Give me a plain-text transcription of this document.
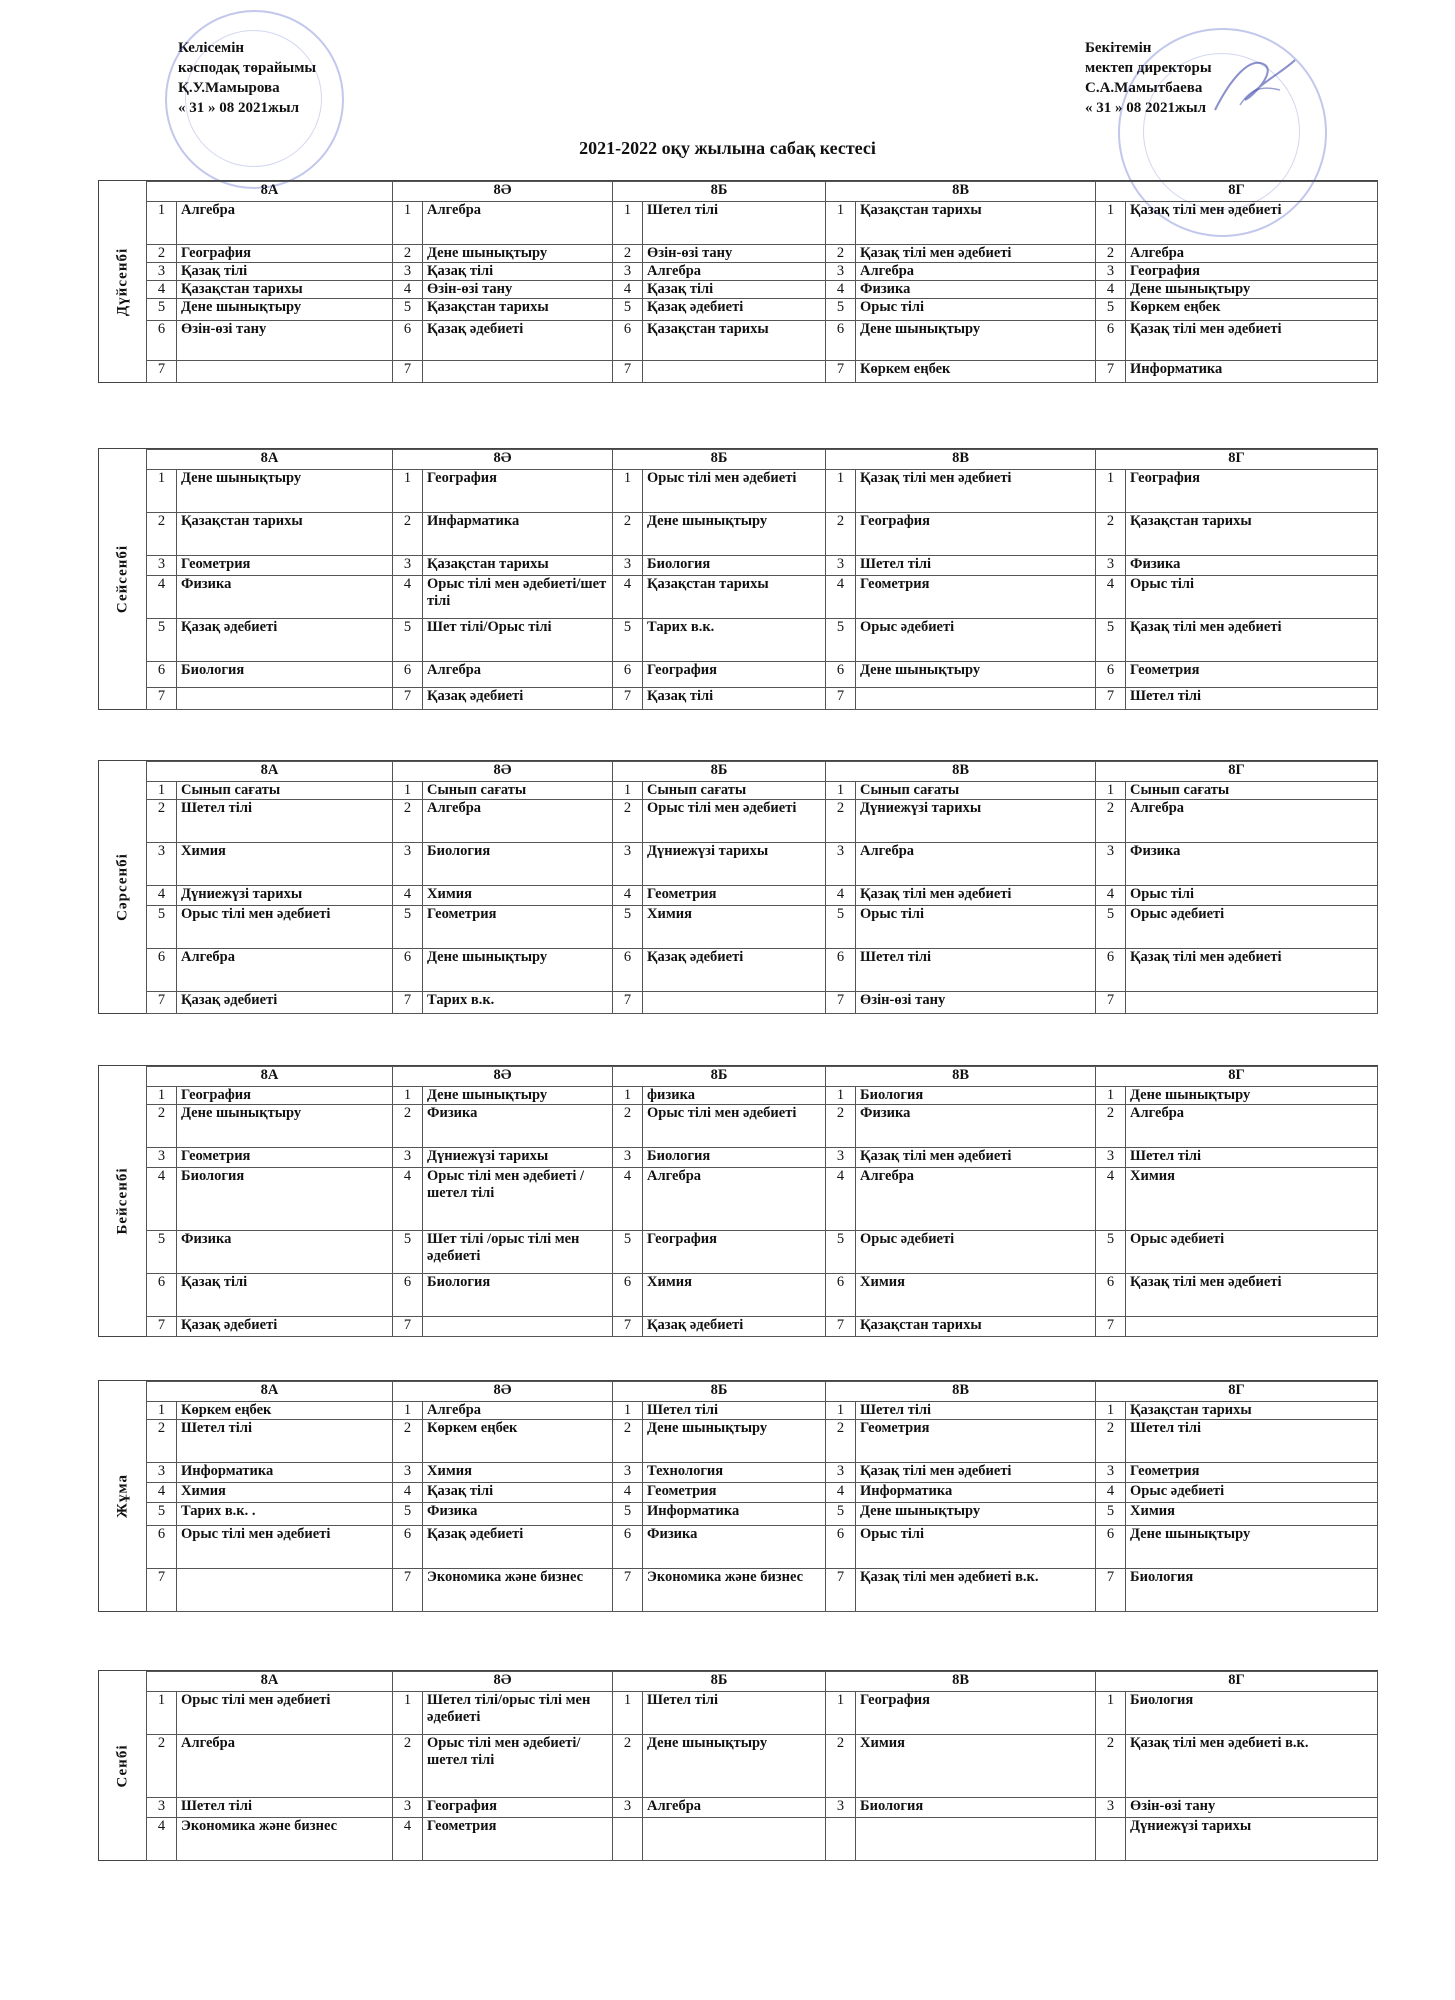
Келісемін
кәсподақ төрайымы
Қ.У.Мамырова
« 31 » 08 2021жыл
Бекітемін
мектеп директоры
С.А.Мамытбаева
« 31 » 08 2021жыл
2021-2022 оқу жылына сабақ кестесі
Дүйсенбі
8А		8Ә		8Б		8В		8Г	
1	Алгебра	1	Алгебра	1	Шетел тілі	1	Қазақстан тарихы	1	Қазақ тілі мен әдебиеті
2	География	2	Дене шынықтыру	2	Өзін-өзі тану	2	Қазақ тілі мен әдебиеті	2	Алгебра
3	Қазақ тілі	3	Қазақ тілі	3	Алгебра	3	Алгебра	3	География
4	Қазақстан тарихы	4	Өзін-өзі тану	4	Қазақ тілі	4	Физика	4	Дене шынықтыру
5	Дене шынықтыру	5	Қазақстан тарихы	5	Қазақ әдебиеті	5	Орыс тілі	5	Көркем еңбек
6	Өзін-өзі тану	6	Қазақ әдебиеті	6	Қазақстан тарихы	6	Дене шынықтыру	6	Қазақ тілі мен әдебиеті
7		7		7		7	Көркем еңбек	7	Информатика
Сейсенбі
8А		8Ә		8Б		8В		8Г	
1	Дене шынықтыру	1	География	1	Орыс тілі мен әдебиеті	1	Қазақ тілі мен әдебиеті	1	География
2	Қазақстан тарихы	2	Инфарматика	2	Дене шынықтыру	2	География	2	Қазақстан тарихы
3	Геометрия	3	Қазақстан тарихы	3	Биология	3	Шетел тілі	3	Физика
4	Физика	4	Орыс тілі мен әдебиеті/шет тілі	4	Қазақстан тарихы	4	Геометрия	4	Орыс тілі
5	Қазақ әдебиеті	5	Шет тілі/Орыс тілі	5	Тарих в.к.	5	Орыс әдебиеті	5	Қазақ тілі мен әдебиеті
6	Биология	6	Алгебра	6	География	6	Дене шынықтыру	6	Геометрия
7		7	Қазақ әдебиеті	7	Қазақ тілі	7		7	Шетел тілі
Сәрсенбі
8А		8Ә		8Б		8В		8Г	
1	Сынып сағаты	1	Сынып сағаты	1	Сынып сағаты	1	Сынып сағаты	1	Сынып сағаты
2	Шетел тілі	2	Алгебра	2	Орыс тілі мен әдебиеті	2	Дүниежүзі тарихы	2	Алгебра
3	Химия	3	Биология	3	Дүниежүзі тарихы	3	Алгебра	3	Физика
4	Дүниежүзі тарихы	4	Химия	4	Геометрия	4	Қазақ тілі мен әдебиеті	4	Орыс тілі
5	Орыс тілі мен әдебиеті	5	Геометрия	5	Химия	5	Орыс тілі	5	Орыс әдебиеті
6	Алгебра	6	Дене шынықтыру	6	Қазақ әдебиеті	6	Шетел тілі	6	Қазақ тілі мен әдебиеті
7	Қазақ әдебиеті	7	Тарих в.к.	7		7	Өзін-өзі тану	7	
Бейсенбі
8А		8Ә		8Б		8В		8Г	
1	География	1	Дене шынықтыру	1	физика	1	Биология	1	Дене шынықтыру
2	Дене шынықтыру	2	Физика	2	Орыс тілі мен әдебиеті	2	Физика	2	Алгебра
3	Геометрия	3	Дүниежүзі тарихы	3	Биология	3	Қазақ тілі мен әдебиеті	3	Шетел тілі
4	Биология	4	Орыс тілі мен әдебиеті /шетел тілі	4	Алгебра	4	Алгебра	4	Химия
5	Физика	5	Шет тілі /орыс тілі мен әдебиеті	5	География	5	Орыс әдебиеті	5	Орыс әдебиеті
6	Қазақ тілі	6	Биология	6	Химия	6	Химия	6	Қазақ тілі мен әдебиеті
7	Қазақ әдебиеті	7		7	Қазақ әдебиеті	7	Қазақстан тарихы	7	
Жұма
8А		8Ә		8Б		8В		8Г	
1	Көркем еңбек	1	Алгебра	1	Шетел тілі	1	Шетел тілі	1	Қазақстан тарихы
2	Шетел тілі	2	Көркем еңбек	2	Дене шынықтыру	2	Геометрия	2	Шетел тілі
3	Информатика	3	Химия	3	Технология	3	Қазақ тілі мен әдебиеті	3	Геометрия
4	Химия	4	Қазақ тілі	4	Геометрия	4	Информатика	4	Орыс әдебиеті
5	Тарих в.к. .	5	Физика	5	Информатика	5	Дене шынықтыру	5	Химия
6	Орыс тілі мен әдебиеті	6	Қазақ әдебиеті	6	Физика	6	Орыс тілі	6	Дене шынықтыру
7		7	Экономика және бизнес	7	Экономика және бизнес	7	Қазақ тілі мен әдебиеті в.к.	7	Биология
Сенбі
8А		8Ә		8Б		8В		8Г	
1	Орыс тілі мен әдебиеті	1	Шетел тілі/орыс тілі мен әдебиеті	1	Шетел тілі	1	География	1	Биология
2	Алгебра	2	Орыс тілі мен әдебиеті/шетел тілі	2	Дене шынықтыру	2	Химия	2	Қазақ тілі мен әдебиеті в.к.
3	Шетел тілі	3	География	3	Алгебра	3	Биология	3	Өзін-өзі тану
4	Экономика және бизнес	4	Геометрия						Дүниежүзі тарихы
